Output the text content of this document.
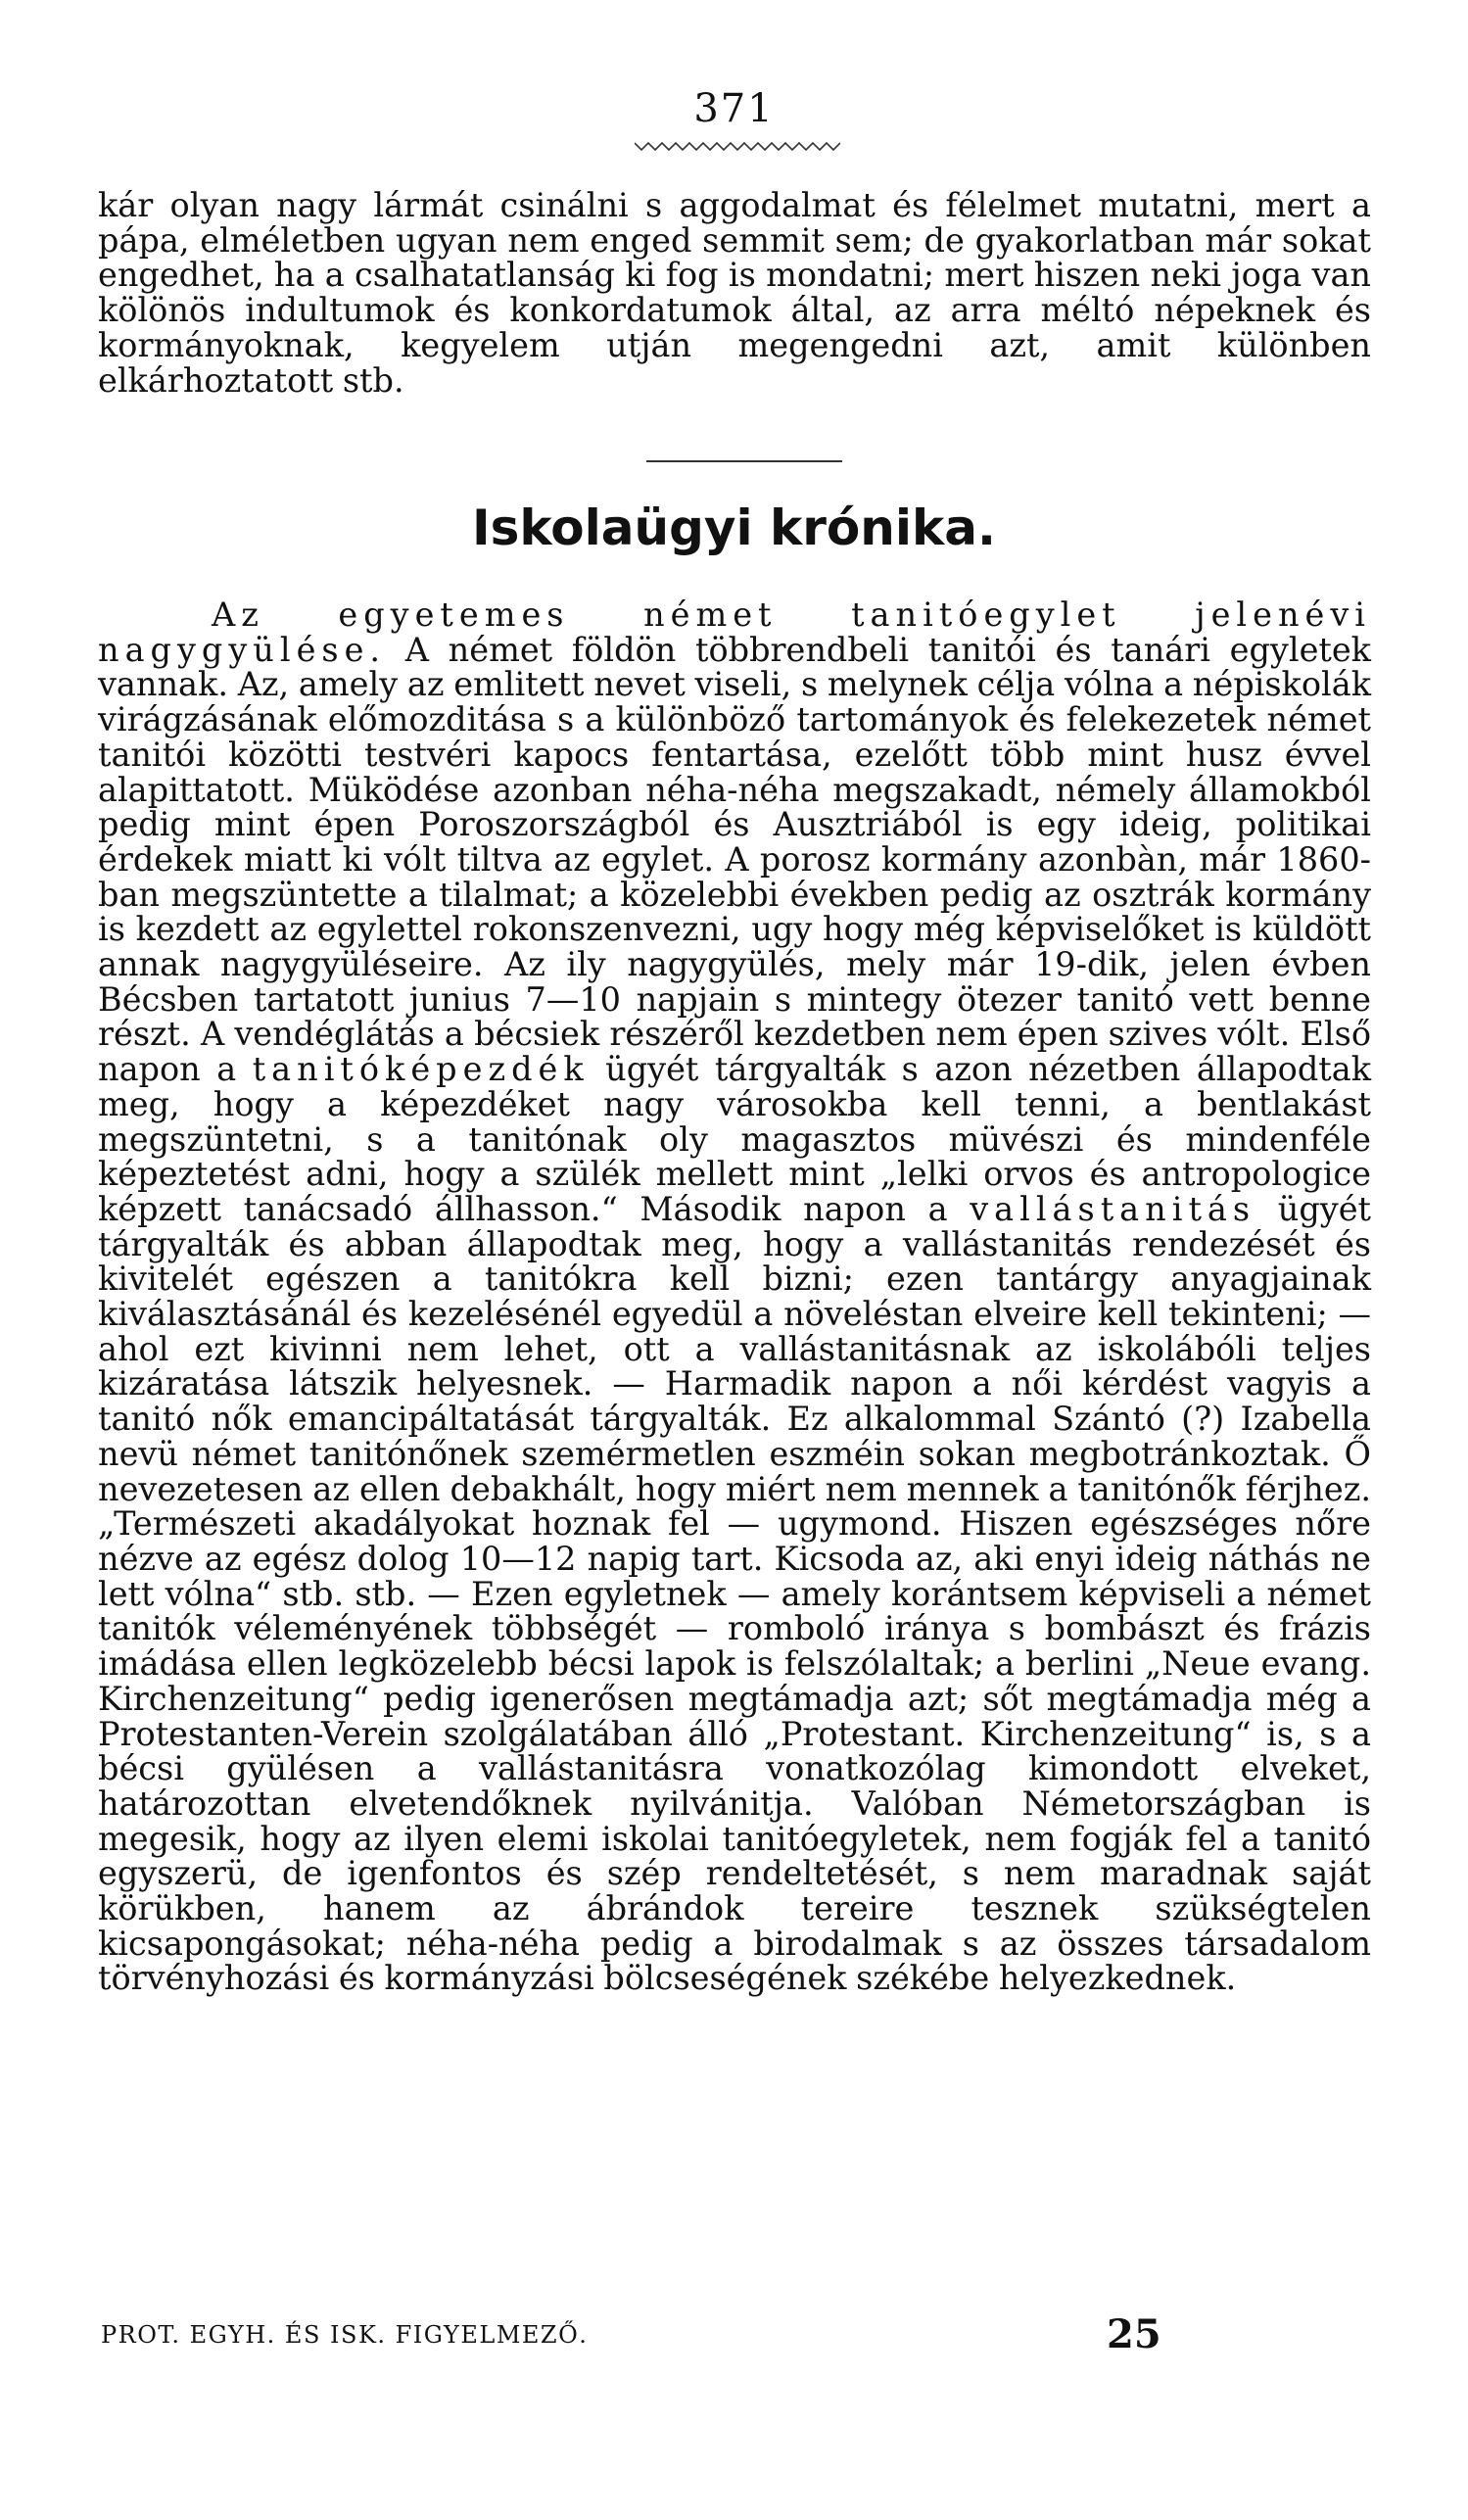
371

kár olyan nagy lármát csinálni s aggodalmat és félelmet mutatni, mert a pápa, elméletben ugyan nem enged semmit sem; de gyakorlatban már sokat engedhet, ha a csalhatatlanság ki fog is mondatni; mert hiszen neki joga van kölönös indultumok és konkordatumok által, az arra méltó népeknek és kormányoknak, kegyelem utján megengedni azt, amit különben elkárhoztatott stb.

Iskolaügyi krónika.

Az egyetemes német tanitóegylet jelenévi nagygyülése. A német földön többrendbeli tanitói és tanári egyletek vannak. Az, amely az emlitett nevet viseli, s melynek célja vólna a népiskolák virágzásának előmozditása s a különböző tartományok és felekezetek német tanitói közötti testvéri kapocs fentartása, ezelőtt több mint husz évvel alapittatott. Müködése azonban néha-néha megszakadt, némely államokból pedig mint épen Poroszországból és Ausztriából is egy ideig, politikai érdekek miatt ki vólt tiltva az egylet. A porosz kormány azonbàn, már 1860-ban megszüntette a tilalmat; a közelebbi években pedig az osztrák kormány is kezdett az egylettel rokonszenvezni, ugy hogy még képviselőket is küldött annak nagygyüléseire. Az ily nagygyülés, mely már 19-dik, jelen évben Bécsben tartatott junius 7—10 napjain s mintegy ötezer tanitó vett benne részt. A vendéglátás a bécsiek részéről kezdetben nem épen szives vólt. Első napon a tanitóképezdék ügyét tárgyalták s azon nézetben állapodtak meg, hogy a képezdéket nagy városokba kell tenni, a bentlakást megszüntetni, s a tanitónak oly magasztos müvészi és mindenféle képeztetést adni, hogy a szülék mellett mint „lelki orvos és antropologice képzett tanácsadó állhasson.“ Második napon a vallástanitás ügyét tárgyalták és abban állapodtak meg, hogy a vallástanitás rendezését és kivitelét egészen a tanitókra kell bizni; ezen tantárgy anyagjainak kiválasztásánál és kezelésénél egyedül a növeléstan elveire kell tekinteni; — ahol ezt kivinni nem lehet, ott a vallástanitásnak az iskolábóli teljes kizáratása látszik helyesnek. — Harmadik napon a női kérdést vagyis a tanitó nők emancipáltatását tárgyalták. Ez alkalommal Szántó (?) Izabella nevü német tanitónőnek szemérmetlen eszméin sokan megbotránkoztak. Ő nevezetesen az ellen debakhált, hogy miért nem mennek a tanitónők férjhez. „Természeti akadályokat hoznak fel — ugymond. Hiszen egészséges nőre nézve az egész dolog 10—12 napig tart. Kicsoda az, aki enyi ideig náthás ne lett vólna“ stb. stb. — Ezen egyletnek — amely korántsem képviseli a német tanitók véleményének többségét — romboló iránya s bombászt és frázis imádása ellen legközelebb bécsi lapok is felszólaltak; a berlini „Neue evang. Kirchenzeitung“ pedig igenerősen megtámadja azt; sőt megtámadja még a Protestanten-Verein szolgálatában álló „Protestant. Kirchenzeitung“ is, s a bécsi gyülésen a vallástanitásra vonatkozólag kimondott elveket, határozottan elvetendőknek nyilvánitja. Valóban Németországban is megesik, hogy az ilyen elemi iskolai tanitóegyletek, nem fogják fel a tanitó egyszerü, de igenfontos és szép rendeltetését, s nem maradnak saját körükben, hanem az ábrándok tereire tesznek szükségtelen kicsapongásokat; néha-néha pedig a birodalmak s az összes társadalom törvényhozási és kormányzási bölcseségének székébe helyezkednek.

PROT. EGYH. ÉS ISK. FIGYELMEZŐ.	25
